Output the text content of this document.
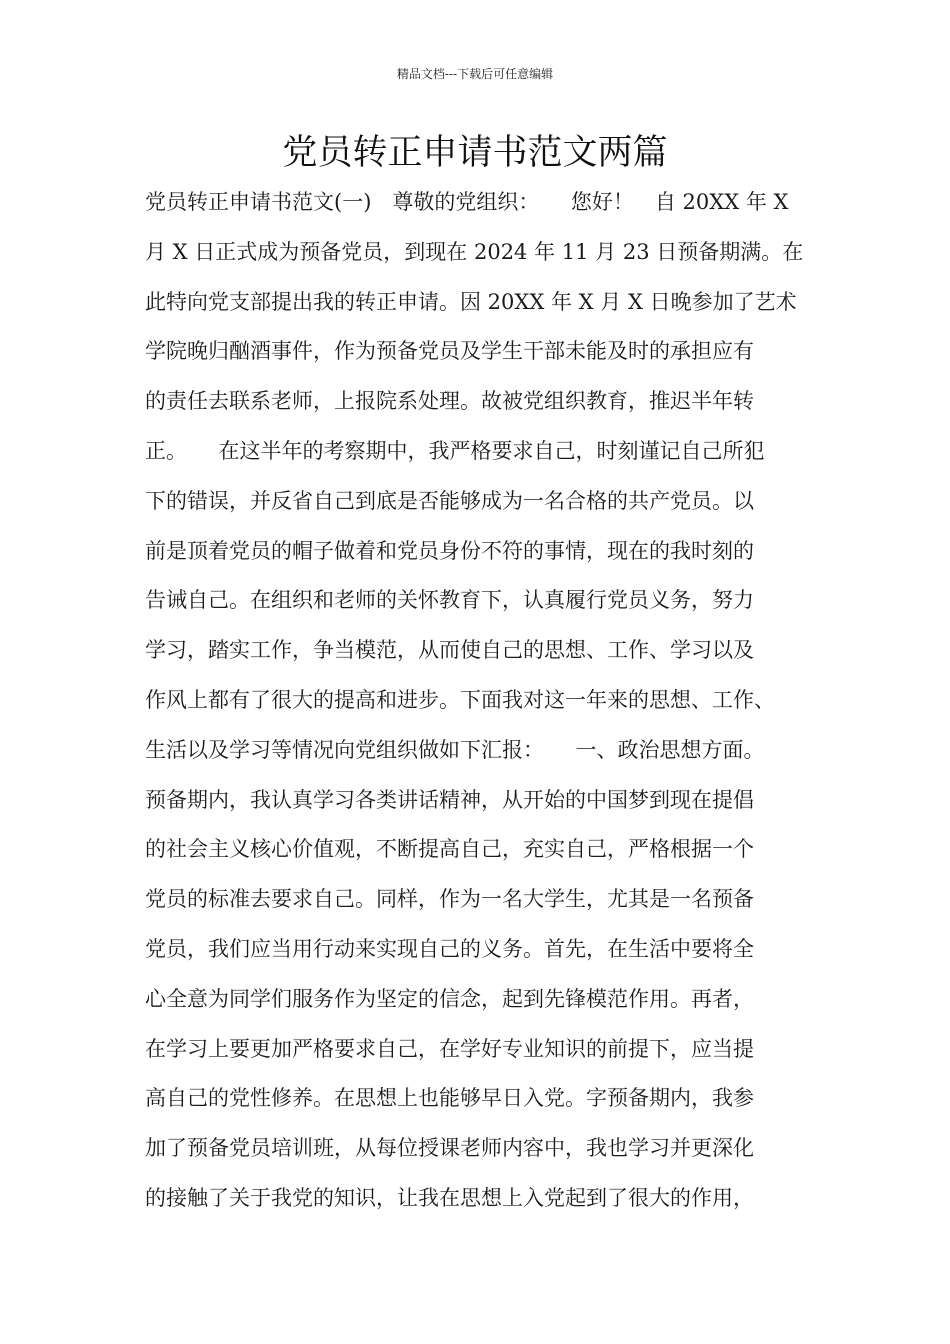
精品文档---下载后可任意编辑
党员转正申请书范文两篇
党员转正申请书范文(一)　尊敬的党组织：　　您好！　自 20XX 年 X
月 X 日正式成为预备党员，到现在 2024 年 11 月 23 日预备期满。在
此特向党支部提出我的转正申请。因 20XX 年 X 月 X 日晚参加了艺术
学院晚归酗酒事件，作为预备党员及学生干部未能及时的承担应有
的责任去联系老师，上报院系处理。故被党组织教育，推迟半年转
正。　　在这半年的考察期中，我严格要求自己，时刻谨记自己所犯
下的错误，并反省自己到底是否能够成为一名合格的共产党员。以
前是顶着党员的帽子做着和党员身份不符的事情，现在的我时刻的
告诫自己。在组织和老师的关怀教育下，认真履行党员义务，努力
学习，踏实工作，争当模范，从而使自己的思想、工作、学习以及
作风上都有了很大的提高和进步。下面我对这一年来的思想、工作、
生活以及学习等情况向党组织做如下汇报：　　一、政治思想方面。
预备期内，我认真学习各类讲话精神，从开始的中国梦到现在提倡
的社会主义核心价值观，不断提高自己，充实自己，严格根据一个
党员的标准去要求自己。同样，作为一名大学生，尤其是一名预备
党员，我们应当用行动来实现自己的义务。首先，在生活中要将全
心全意为同学们服务作为坚定的信念，起到先锋模范作用。再者，
在学习上要更加严格要求自己，在学好专业知识的前提下，应当提
高自己的党性修养。在思想上也能够早日入党。字预备期内，我参
加了预备党员培训班，从每位授课老师内容中，我也学习并更深化
的接触了关于我党的知识，让我在思想上入党起到了很大的作用，
